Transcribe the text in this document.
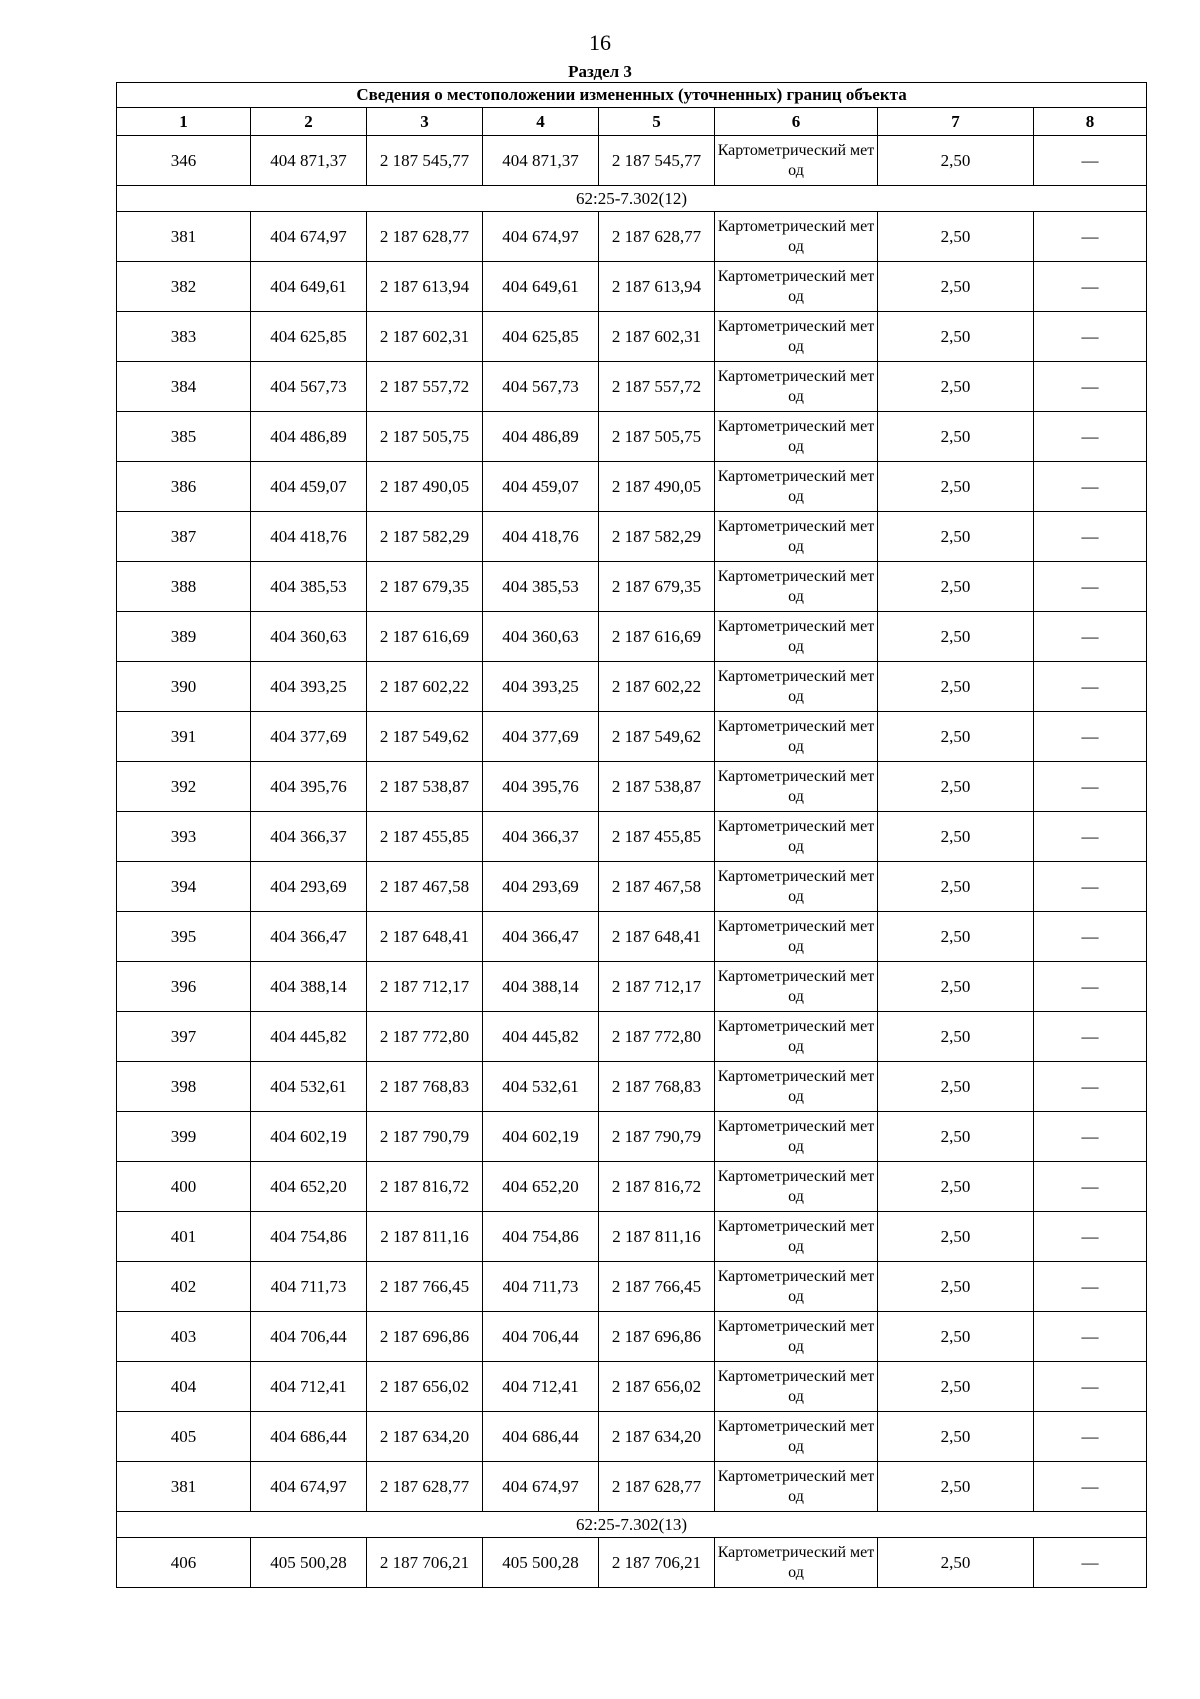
16
Раздел 3
Сведения о местоположении измененных (уточненных) границ объекта							
1	2	3	4	5	6	7	8
346	404 871,37	2 187 545,77	404 871,37	2 187 545,77	Картометрический метод	2,50	—
62:25-7.302(12)							
381	404 674,97	2 187 628,77	404 674,97	2 187 628,77	Картометрический метод	2,50	—
382	404 649,61	2 187 613,94	404 649,61	2 187 613,94	Картометрический метод	2,50	—
383	404 625,85	2 187 602,31	404 625,85	2 187 602,31	Картометрический метод	2,50	—
384	404 567,73	2 187 557,72	404 567,73	2 187 557,72	Картометрический метод	2,50	—
385	404 486,89	2 187 505,75	404 486,89	2 187 505,75	Картометрический метод	2,50	—
386	404 459,07	2 187 490,05	404 459,07	2 187 490,05	Картометрический метод	2,50	—
387	404 418,76	2 187 582,29	404 418,76	2 187 582,29	Картометрический метод	2,50	—
388	404 385,53	2 187 679,35	404 385,53	2 187 679,35	Картометрический метод	2,50	—
389	404 360,63	2 187 616,69	404 360,63	2 187 616,69	Картометрический метод	2,50	—
390	404 393,25	2 187 602,22	404 393,25	2 187 602,22	Картометрический метод	2,50	—
391	404 377,69	2 187 549,62	404 377,69	2 187 549,62	Картометрический метод	2,50	—
392	404 395,76	2 187 538,87	404 395,76	2 187 538,87	Картометрический метод	2,50	—
393	404 366,37	2 187 455,85	404 366,37	2 187 455,85	Картометрический метод	2,50	—
394	404 293,69	2 187 467,58	404 293,69	2 187 467,58	Картометрический метод	2,50	—
395	404 366,47	2 187 648,41	404 366,47	2 187 648,41	Картометрический метод	2,50	—
396	404 388,14	2 187 712,17	404 388,14	2 187 712,17	Картометрический метод	2,50	—
397	404 445,82	2 187 772,80	404 445,82	2 187 772,80	Картометрический метод	2,50	—
398	404 532,61	2 187 768,83	404 532,61	2 187 768,83	Картометрический метод	2,50	—
399	404 602,19	2 187 790,79	404 602,19	2 187 790,79	Картометрический метод	2,50	—
400	404 652,20	2 187 816,72	404 652,20	2 187 816,72	Картометрический метод	2,50	—
401	404 754,86	2 187 811,16	404 754,86	2 187 811,16	Картометрический метод	2,50	—
402	404 711,73	2 187 766,45	404 711,73	2 187 766,45	Картометрический метод	2,50	—
403	404 706,44	2 187 696,86	404 706,44	2 187 696,86	Картометрический метод	2,50	—
404	404 712,41	2 187 656,02	404 712,41	2 187 656,02	Картометрический метод	2,50	—
405	404 686,44	2 187 634,20	404 686,44	2 187 634,20	Картометрический метод	2,50	—
381	404 674,97	2 187 628,77	404 674,97	2 187 628,77	Картометрический метод	2,50	—
62:25-7.302(13)							
406	405 500,28	2 187 706,21	405 500,28	2 187 706,21	Картометрический метод	2,50	—
